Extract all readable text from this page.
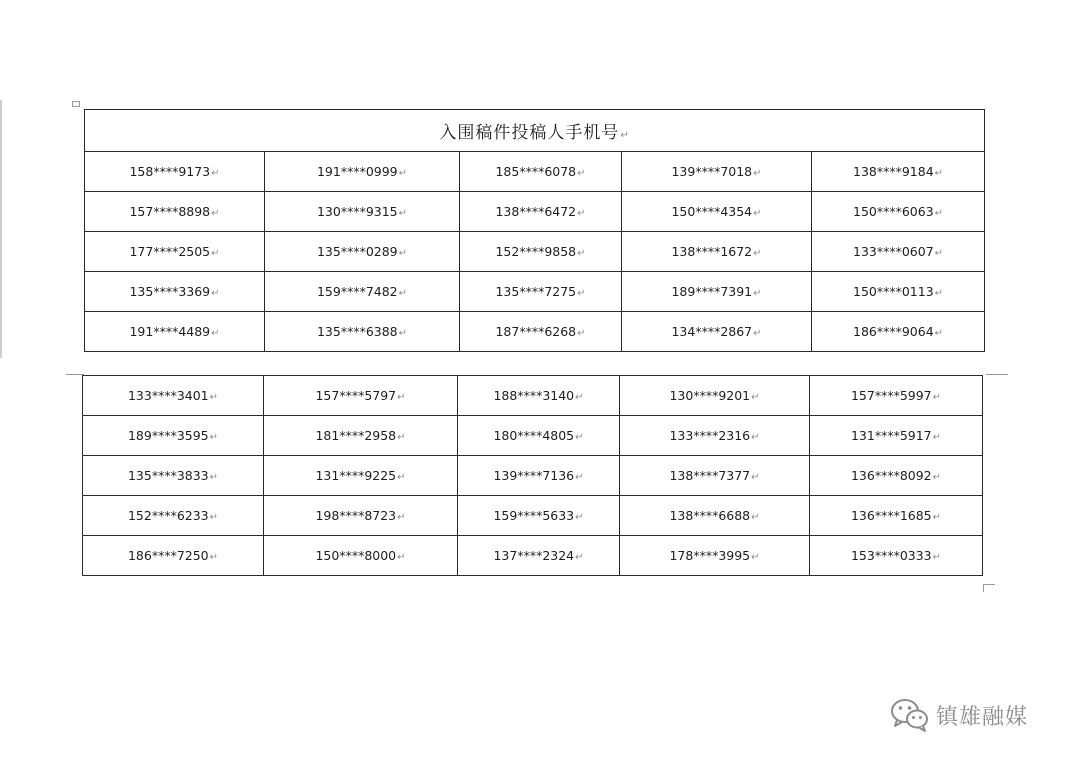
入围稿件投稿人手机号↵				
158****9173↵	191****0999↵	185****6078↵	139****7018↵	138****9184↵
157****8898↵	130****9315↵	138****6472↵	150****4354↵	150****6063↵
177****2505↵	135****0289↵	152****9858↵	138****1672↵	133****0607↵
135****3369↵	159****7482↵	135****7275↵	189****7391↵	150****0113↵
191****4489↵	135****6388↵	187****6268↵	134****2867↵	186****9064↵
133****3401↵	157****5797↵	188****3140↵	130****9201↵	157****5997↵
189****3595↵	181****2958↵	180****4805↵	133****2316↵	131****5917↵
135****3833↵	131****9225↵	139****7136↵	138****7377↵	136****8092↵
152****6233↵	198****8723↵	159****5633↵	138****6688↵	136****1685↵
186****7250↵	150****8000↵	137****2324↵	178****3995↵	153****0333↵
镇雄融媒
